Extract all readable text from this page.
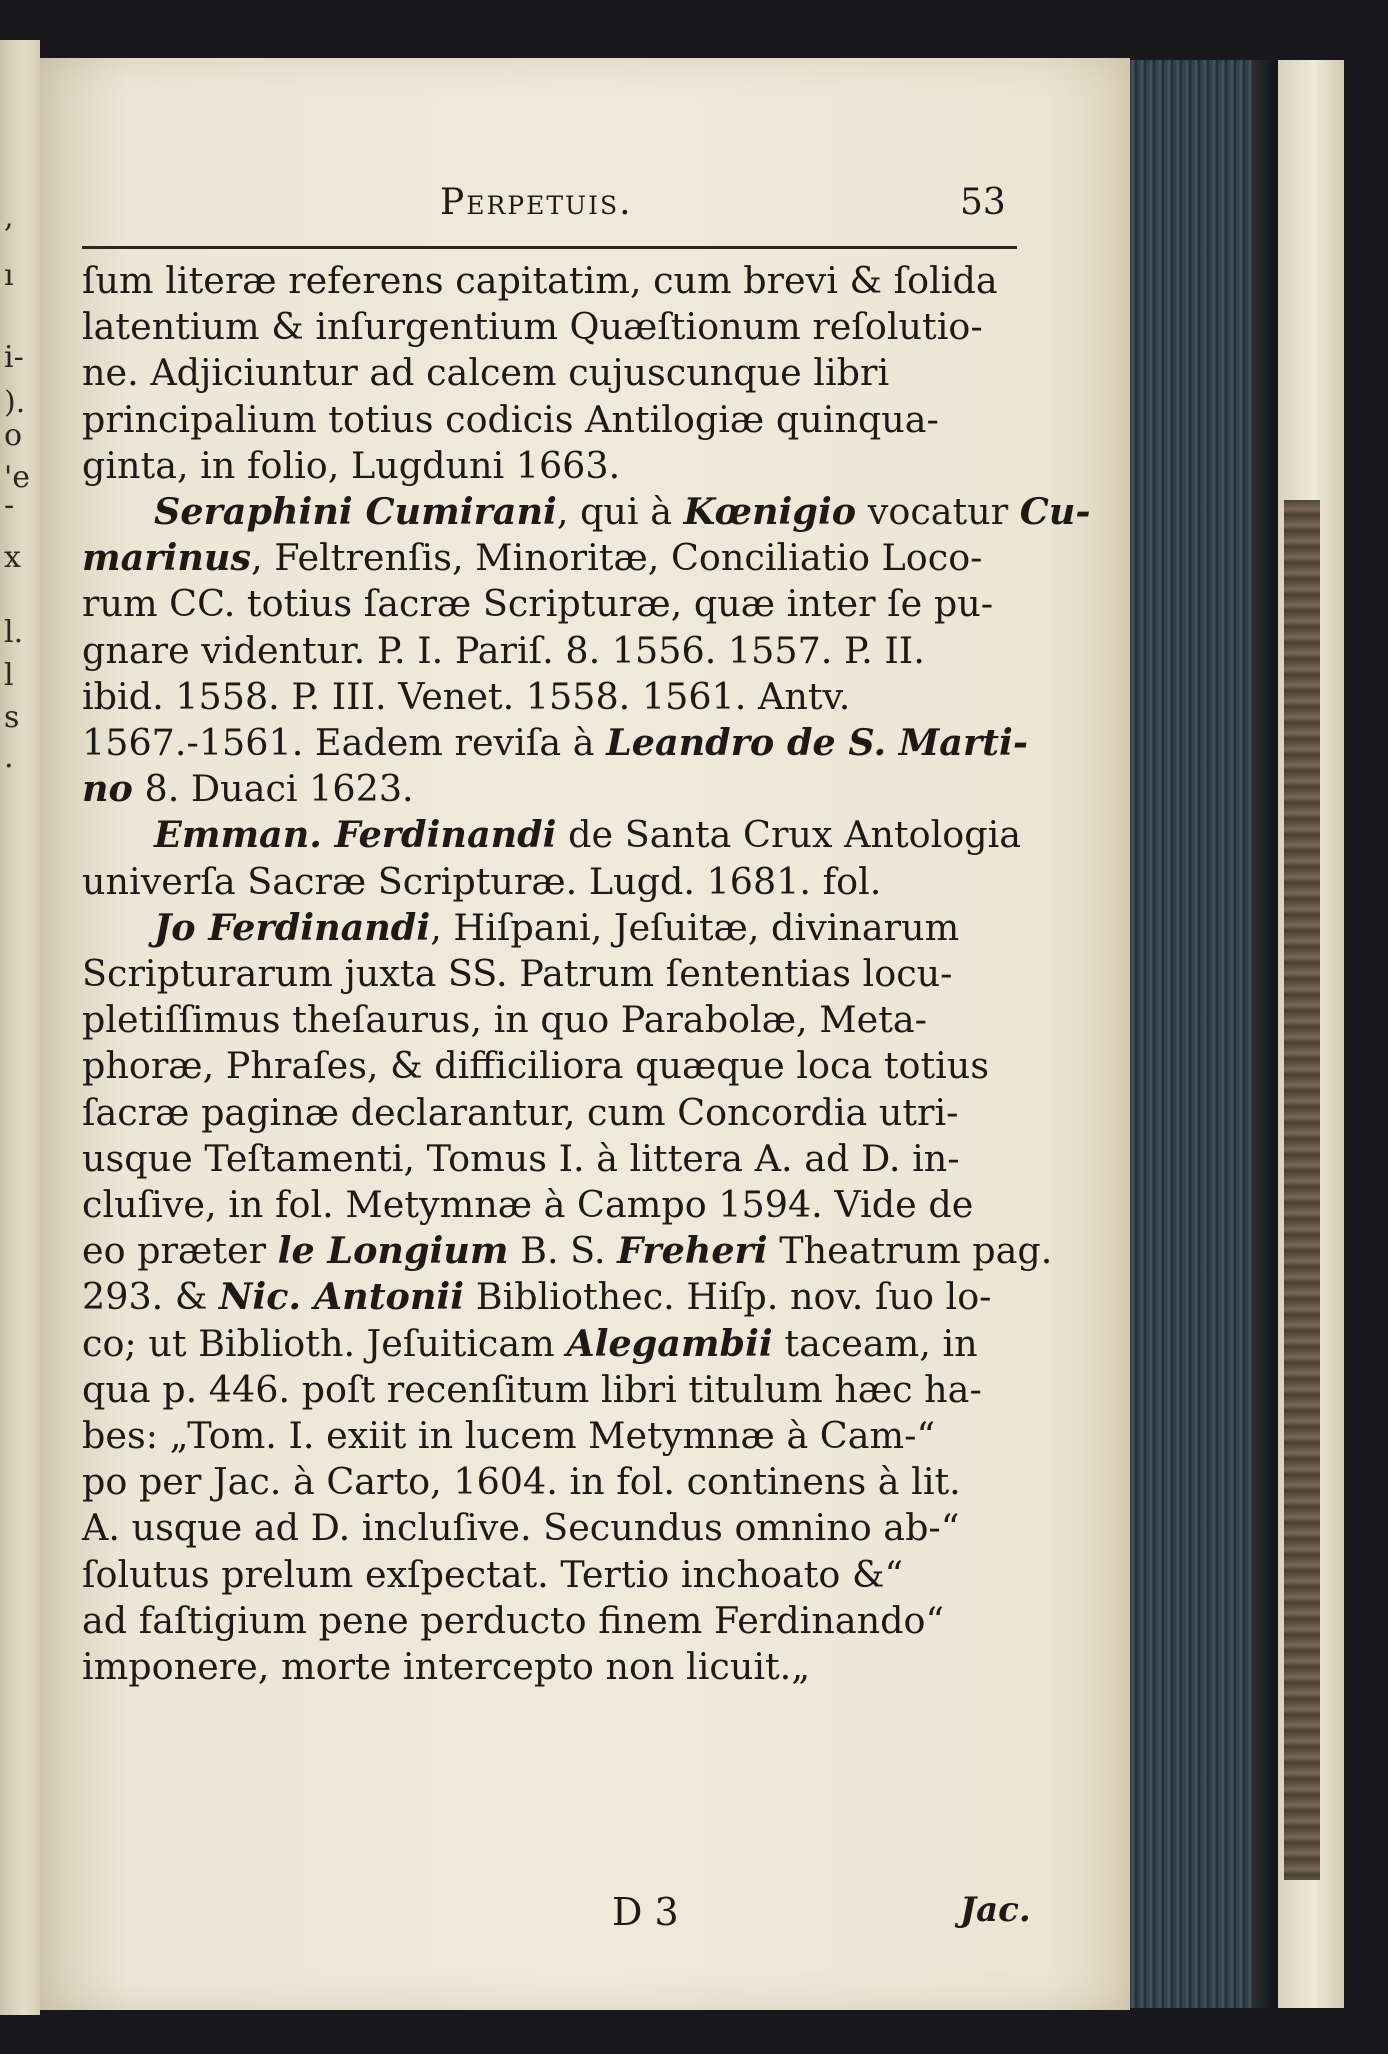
,
ı
i-
).
o
'e
-
x
l.
l
s
.
Perpetuis.	53
ſum literæ referens capitatim, cum brevi & ſolida
latentium & inſurgentium Quæſtionum reſolutio-
ne. Adjiciuntur ad calcem cujuscunque libri
principalium totius codicis Antilogiæ quinqua-
ginta, in folio, Lugduni 1663.
Seraphini Cumirani, qui à Kœnigio vocatur Cu-
marinus, Feltrenſis, Minoritæ, Conciliatio Loco-
rum CC. totius ſacræ Scripturæ, quæ inter ſe pu-
gnare videntur. P. I. Pariſ. 8. 1556. 1557. P. II.
ibid. 1558. P. III. Venet. 1558. 1561. Antv.
1567.-1561. Eadem reviſa à Leandro de S. Marti-
no 8. Duaci 1623.
Emman. Ferdinandi de Santa Crux Antologia
univerſa Sacræ Scripturæ. Lugd. 1681. fol.
Jo Ferdinandi, Hiſpani, Jeſuitæ, divinarum
Scripturarum juxta SS. Patrum ſententias locu-
pletiſſimus theſaurus, in quo Parabolæ, Meta-
phoræ, Phraſes, & difficiliora quæque loca totius
ſacræ paginæ declarantur, cum Concordia utri-
usque Teſtamenti, Tomus I. à littera A. ad D. in-
cluſive, in fol. Metymnæ à Campo 1594. Vide de
eo præter le Longium B. S. Freheri Theatrum pag.
293. & Nic. Antonii Bibliothec. Hiſp. nov. ſuo lo-
co; ut Biblioth. Jeſuiticam Alegambii taceam, in
qua p. 446. poſt recenſitum libri titulum hæc ha-
bes: „Tom. I. exiit in lucem Metymnæ à Cam-“
po per Jac. à Carto, 1604. in fol. continens à lit.
A. usque ad D. incluſive. Secundus omnino ab-“
ſolutus prelum exſpectat. Tertio inchoato &“
ad faſtigium pene perducto finem Ferdinando“
imponere, morte intercepto non licuit.„
D 3	Jac.
